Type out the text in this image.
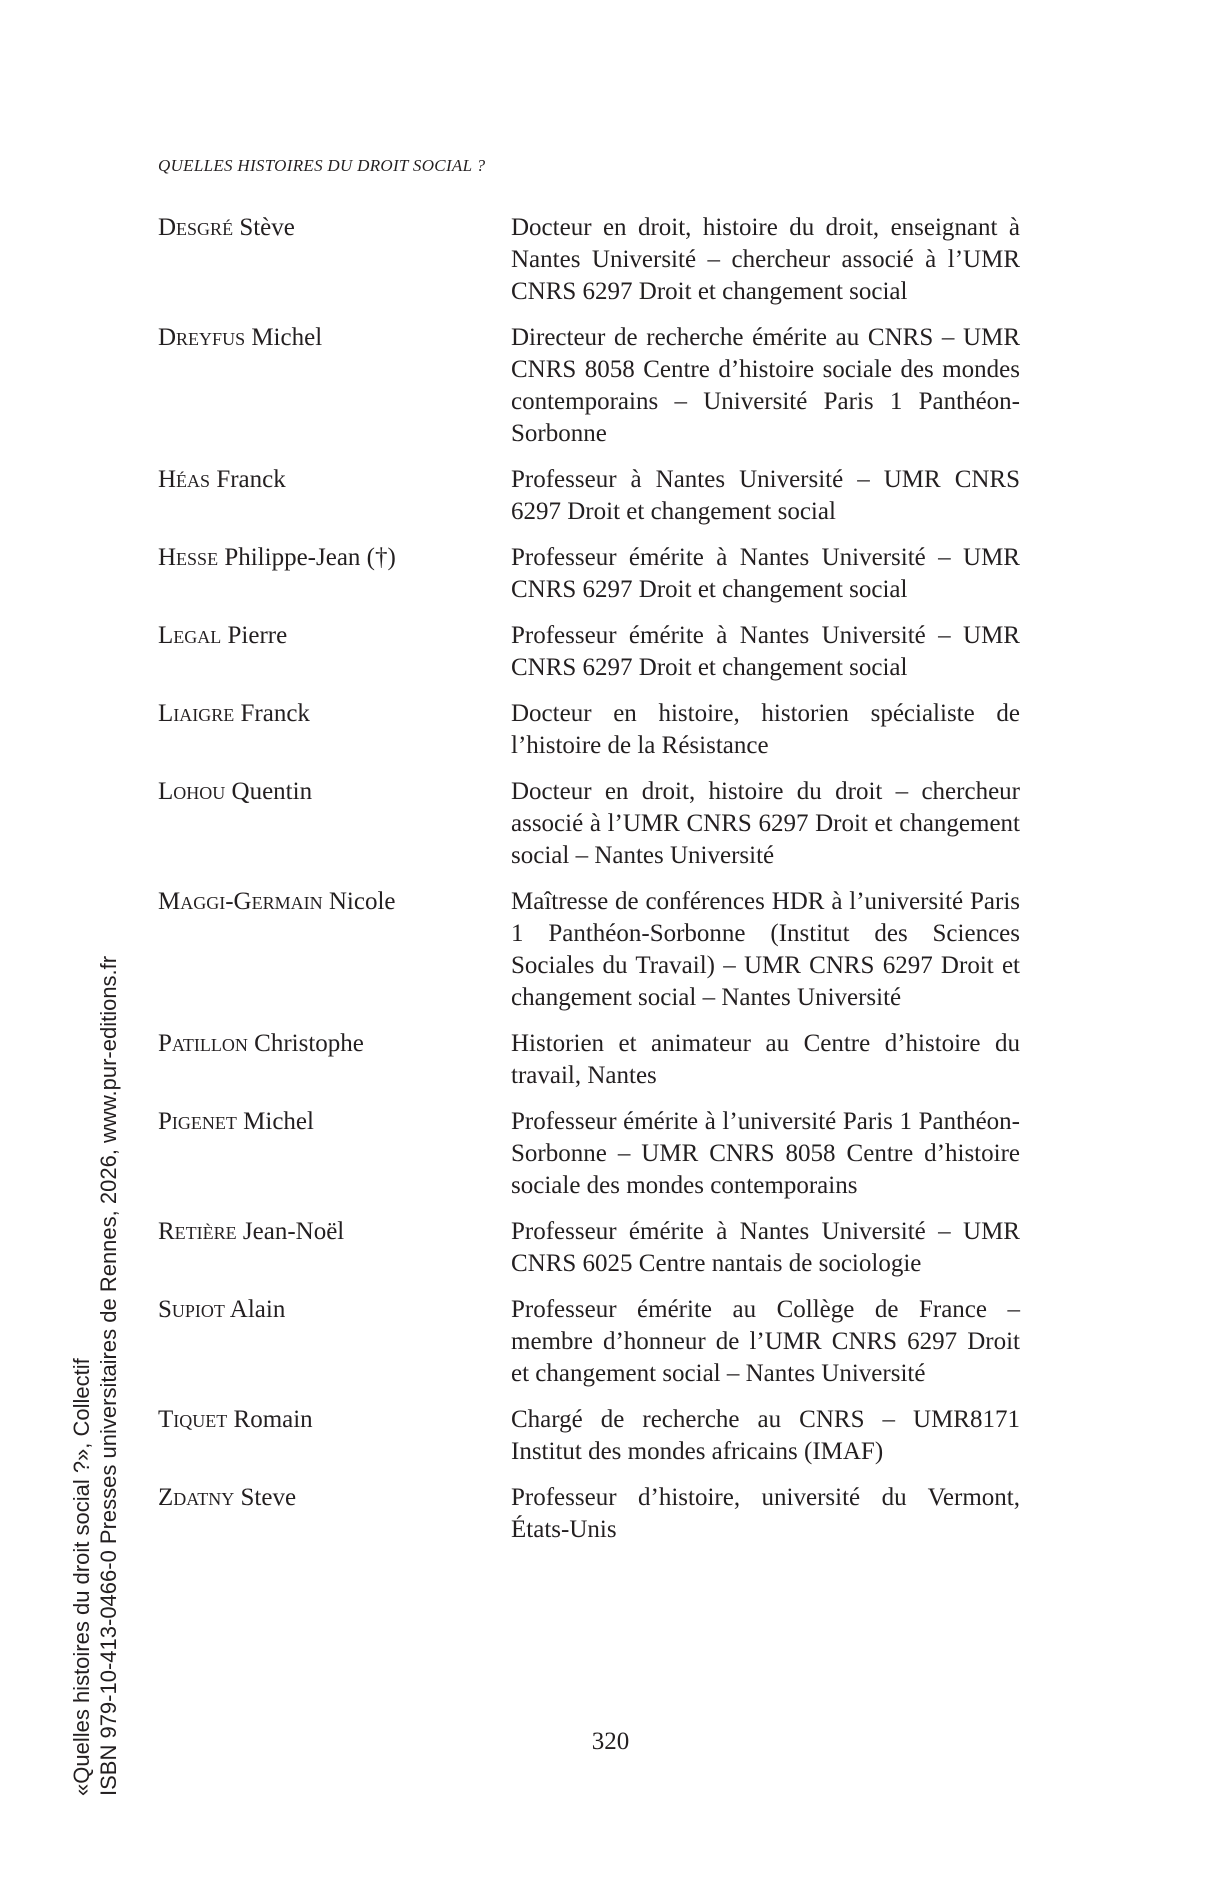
QUELLES HISTOIRES DU DROIT SOCIAL ?
Desgré Stève	Docteur en droit, histoire du droit, enseignant à Nantes Université – chercheur associé à l’UMR CNRS 6297 Droit et changement social
Dreyfus Michel	Directeur de recherche émérite au CNRS – UMR CNRS 8058 Centre d’histoire sociale des mondes contemporains – Université Paris 1 Panthéon-Sorbonne
Héas Franck	Professeur à Nantes Université – UMR CNRS 6297 Droit et changement social
Hesse Philippe-Jean (†)	Professeur émérite à Nantes Université – UMR CNRS 6297 Droit et changement social
Legal Pierre	Professeur émérite à Nantes Université – UMR CNRS 6297 Droit et changement social
Liaigre Franck	Docteur en histoire, historien spécialiste de l’histoire de la Résistance
Lohou Quentin	Docteur en droit, histoire du droit – chercheur associé à l’UMR CNRS 6297 Droit et changement social – Nantes Université
Maggi-Germain Nicole	Maîtresse de conférences HDR à l’université Paris 1 Panthéon-Sorbonne (Institut des Sciences Sociales du Travail) – UMR CNRS 6297 Droit et changement social – Nantes Université
Patillon Christophe	Historien et animateur au Centre d’histoire du travail, Nantes
Pigenet Michel	Professeur émérite à l’université Paris 1 Panthéon-Sorbonne – UMR CNRS 8058 Centre d’histoire sociale des mondes contemporains
Retière Jean-Noël	Professeur émérite à Nantes Université – UMR CNRS 6025 Centre nantais de sociologie
Supiot Alain	Professeur émérite au Collège de France – membre d’honneur de l’UMR CNRS 6297 Droit et changement social – Nantes Université
Tiquet Romain	Chargé de recherche au CNRS – UMR8171 Institut des mondes africains (IMAF)
Zdatny Steve	Professeur d’histoire, université du Vermont, États-Unis
320
«Quelles histoires du droit social ?», Collectif ISBN 979-10-413-0466-0 Presses universitaires de Rennes, 2026, www.pur-editions.fr
